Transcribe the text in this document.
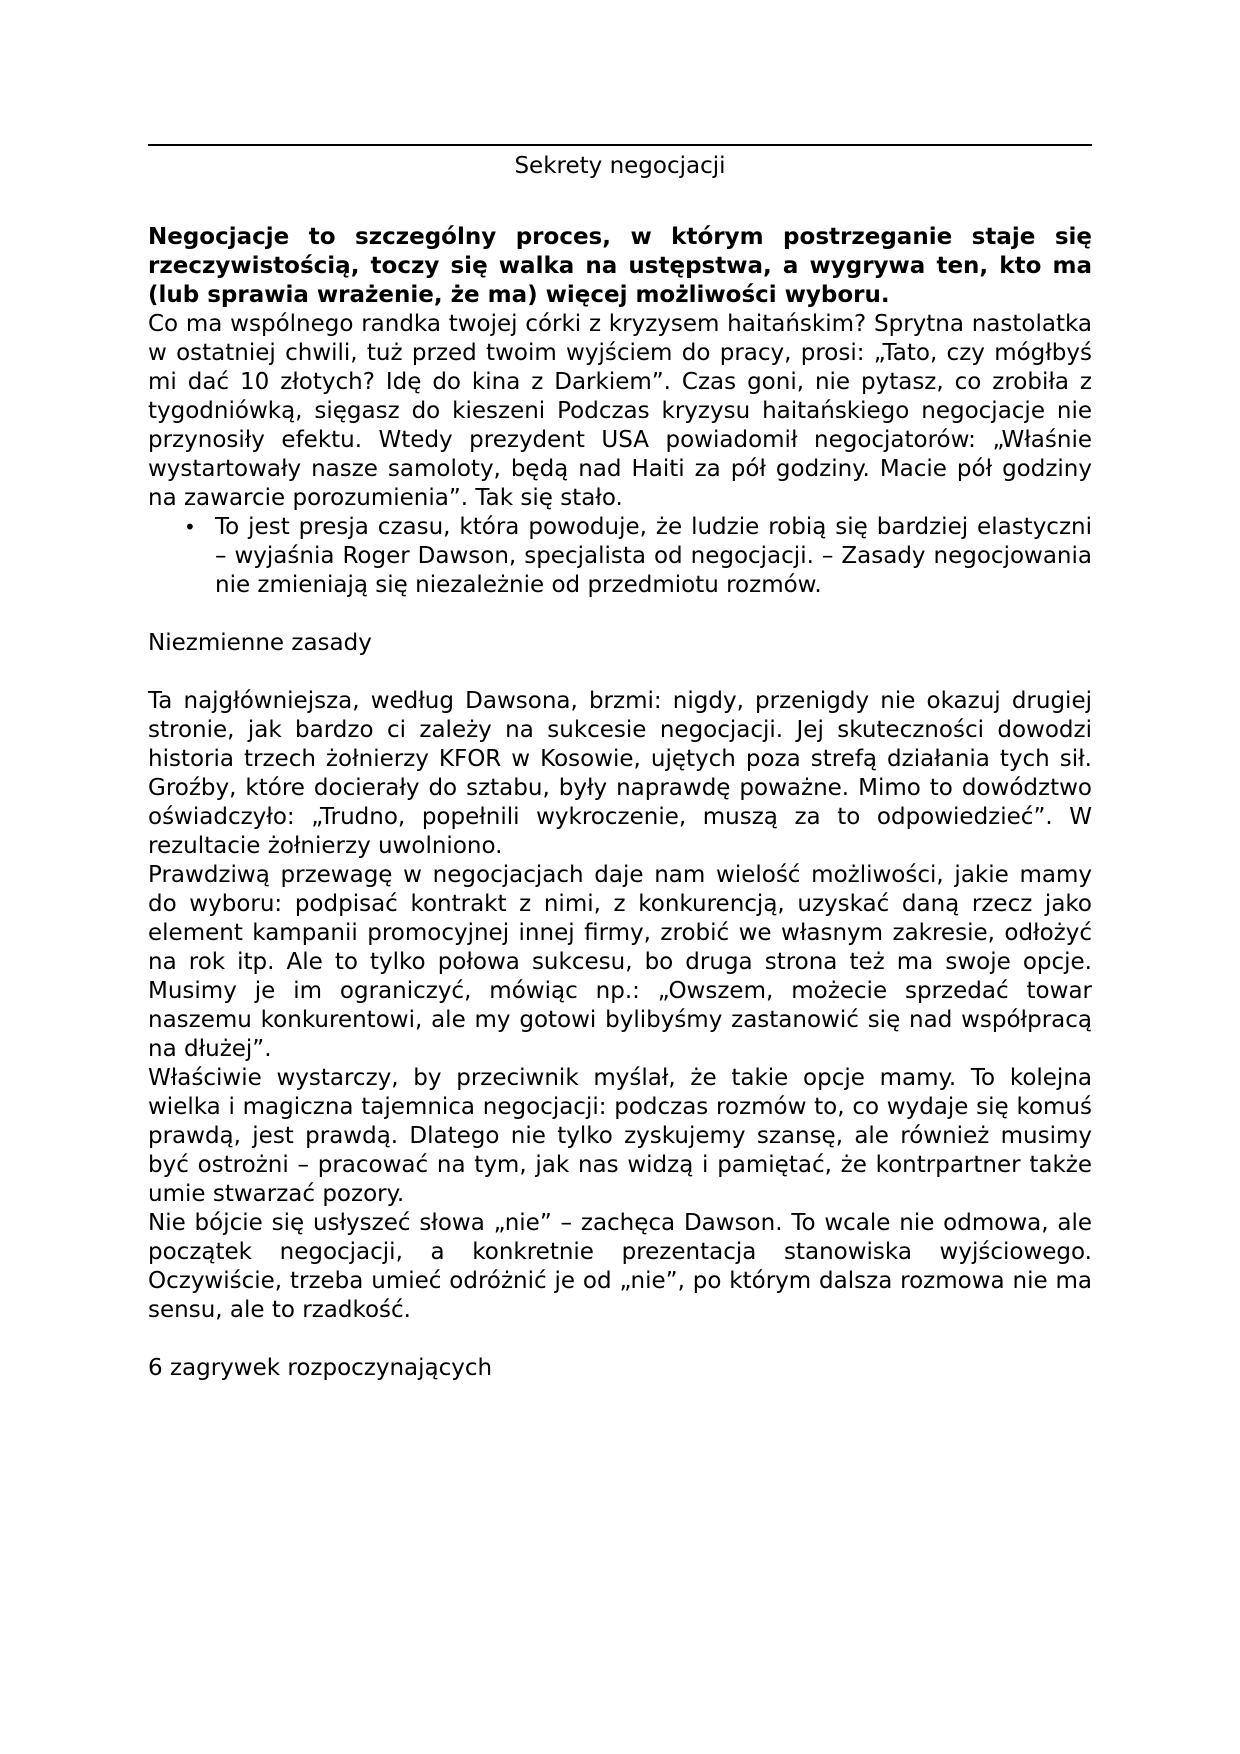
Sekrety negocjacji

Negocjacje to szczególny proces, w którym postrzeganie staje się rzeczywistością, toczy się walka na ustępstwa, a wygrywa ten, kto ma (lub sprawia wrażenie, że ma) więcej możliwości wyboru.

Co ma wspólnego randka twojej córki z kryzysem haitańskim? Sprytna nastolatka w ostatniej chwili, tuż przed twoim wyjściem do pracy, prosi: „Tato, czy mógłbyś mi dać 10 złotych? Idę do kina z Darkiem”. Czas goni, nie pytasz, co zrobiła z tygodniówką, sięgasz do kieszeni Podczas kryzysu haitańskiego negocjacje nie przynosiły efektu. Wtedy prezydent USA powiadomił negocjatorów: „Właśnie wystartowały nasze samoloty, będą nad Haiti za pół godziny. Macie pół godziny na zawarcie porozumienia”. Tak się stało.

• To jest presja czasu, która powoduje, że ludzie robią się bardziej elastyczni – wyjaśnia Roger Dawson, specjalista od negocjacji. – Zasady negocjowania nie zmieniają się niezależnie od przedmiotu rozmów.

Niezmienne zasady

Ta najgłówniejsza, według Dawsona, brzmi: nigdy, przenigdy nie okazuj drugiej stronie, jak bardzo ci zależy na sukcesie negocjacji. Jej skuteczności dowodzi historia trzech żołnierzy KFOR w Kosowie, ujętych poza strefą działania tych sił. Groźby, które docierały do sztabu, były naprawdę poważne. Mimo to dowództwo oświadczyło: „Trudno, popełnili wykroczenie, muszą za to odpowiedzieć”. W rezultacie żołnierzy uwolniono.

Prawdziwą przewagę w negocjacjach daje nam wielość możliwości, jakie mamy do wyboru: podpisać kontrakt z nimi, z konkurencją, uzyskać daną rzecz jako element kampanii promocyjnej innej firmy, zrobić we własnym zakresie, odłożyć na rok itp. Ale to tylko połowa sukcesu, bo druga strona też ma swoje opcje. Musimy je im ograniczyć, mówiąc np.: „Owszem, możecie sprzedać towar naszemu konkurentowi, ale my gotowi bylibyśmy zastanowić się nad współpracą na dłużej”.

Właściwie wystarczy, by przeciwnik myślał, że takie opcje mamy. To kolejna wielka i magiczna tajemnica negocjacji: podczas rozmów to, co wydaje się komuś prawdą, jest prawdą. Dlatego nie tylko zyskujemy szansę, ale również musimy być ostrożni – pracować na tym, jak nas widzą i pamiętać, że kontrpartner także umie stwarzać pozory.

Nie bójcie się usłyszeć słowa „nie” – zachęca Dawson. To wcale nie odmowa, ale początek negocjacji, a konkretnie prezentacja stanowiska wyjściowego. Oczywiście, trzeba umieć odróżnić je od „nie”, po którym dalsza rozmowa nie ma sensu, ale to rzadkość.

6 zagrywek rozpoczynających
